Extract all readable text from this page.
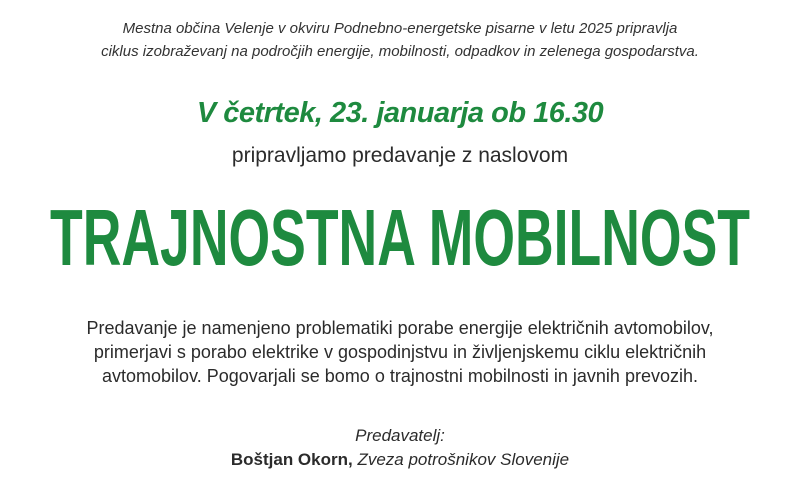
Mestna občina Velenje v okviru Podnebno-energetske pisarne v letu 2025 pripravlja
ciklus izobraževanj na področjih energije, mobilnosti, odpadkov in zelenega gospodarstva.
V četrtek, 23. januarja ob 16.30
pripravljamo predavanje z naslovom
TRAJNOSTNA MOBILNOST
Predavanje je namenjeno problematiki porabe energije električnih avtomobilov,
primerjavi s porabo elektrike v gospodinjstvu in življenjskemu ciklu električnih
avtomobilov. Pogovarjali se bomo o trajnostni mobilnosti in javnih prevozih.
Predavatelj:
Boštjan Okorn, Zveza potrošnikov Slovenije
